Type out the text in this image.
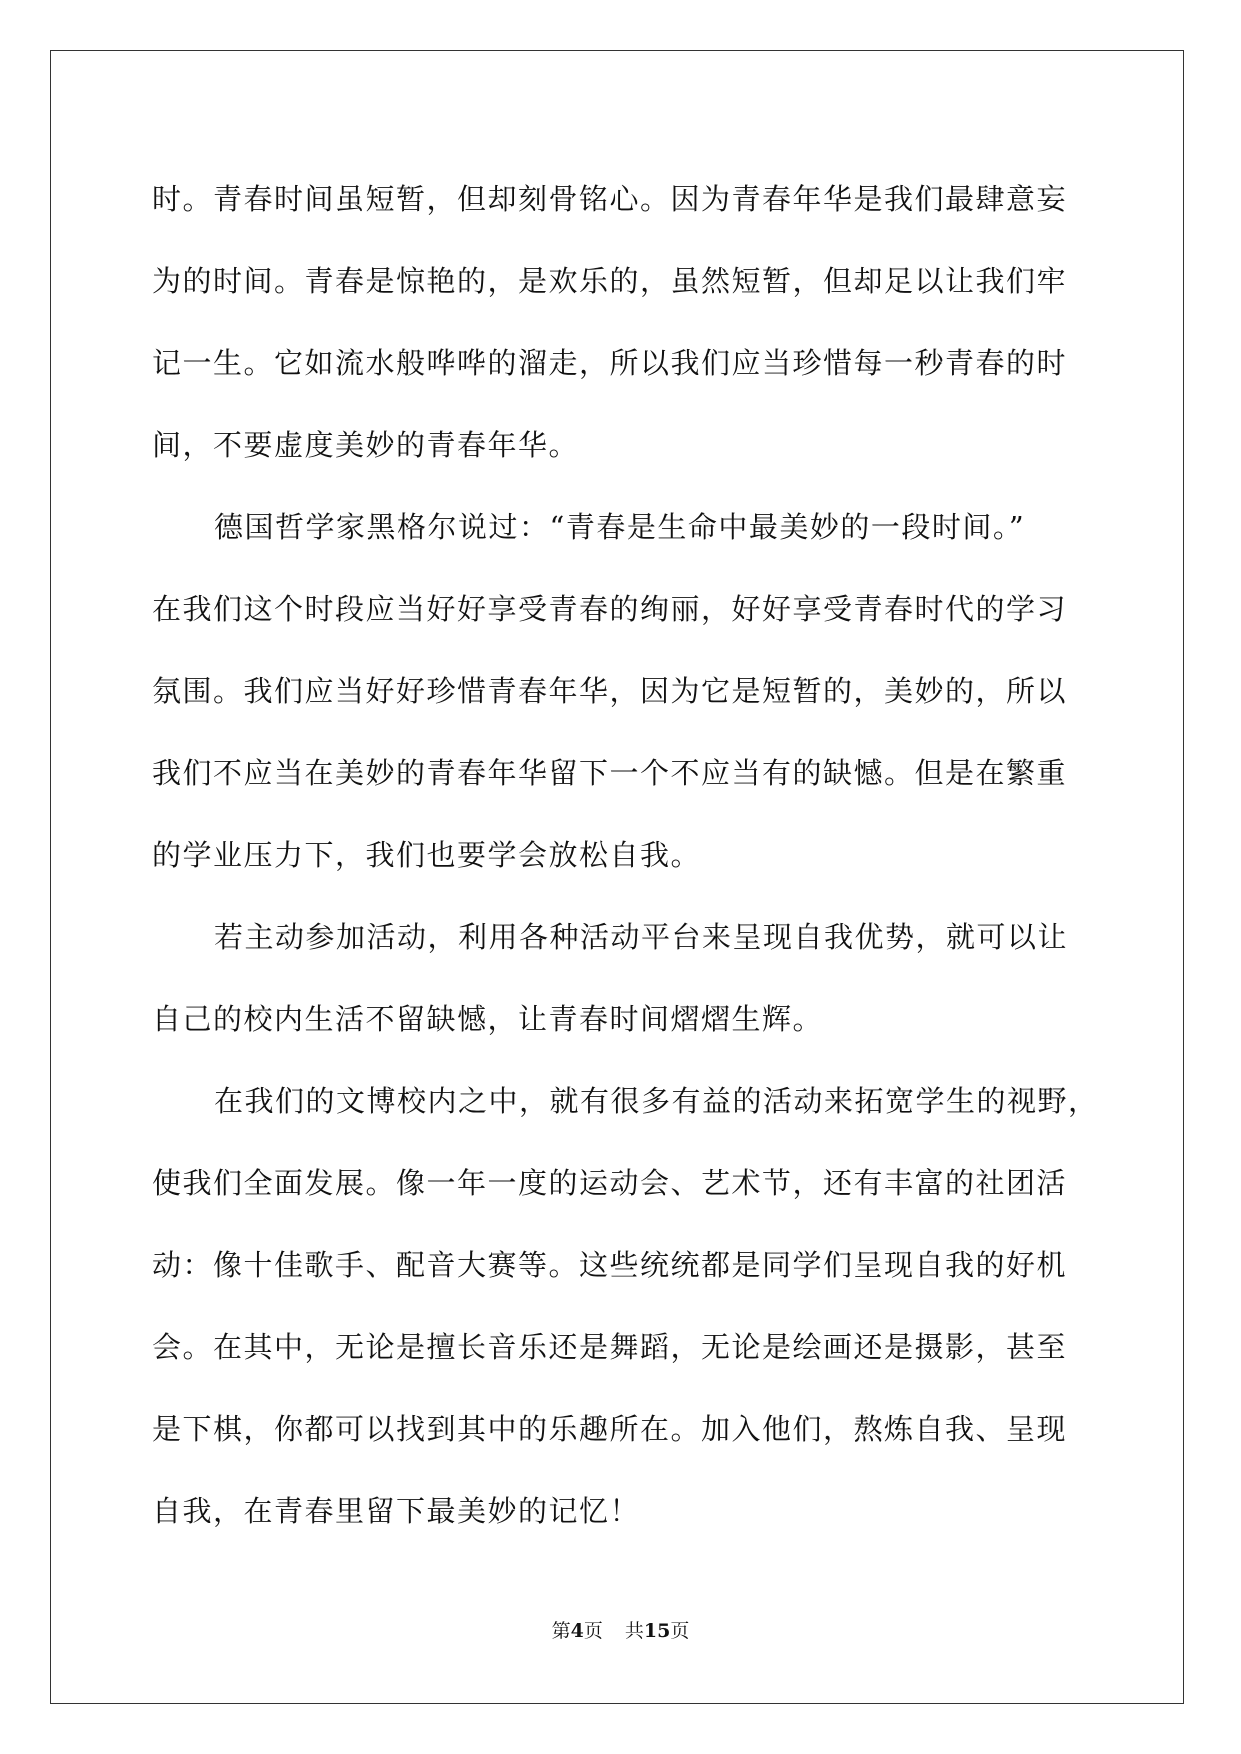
时。青春时间虽短暂，但却刻骨铭心。因为青春年华是我们最肆意妄
为的时间。青春是惊艳的，是欢乐的，虽然短暂，但却足以让我们牢
记一生。它如流水般哗哗的溜走，所以我们应当珍惜每一秒青春的时
间，不要虚度美妙的青春年华。
德国哲学家黑格尔说过：“青春是生命中最美妙的一段时间。”
在我们这个时段应当好好享受青春的绚丽，好好享受青春时代的学习
氛围。我们应当好好珍惜青春年华，因为它是短暂的，美妙的，所以
我们不应当在美妙的青春年华留下一个不应当有的缺憾。但是在繁重
的学业压力下，我们也要学会放松自我。
若主动参加活动，利用各种活动平台来呈现自我优势，就可以让
自己的校内生活不留缺憾，让青春时间熠熠生辉。
在我们的文博校内之中，就有很多有益的活动来拓宽学生的视野，
使我们全面发展。像一年一度的运动会、艺术节，还有丰富的社团活
动：像十佳歌手、配音大赛等。这些统统都是同学们呈现自我的好机
会。在其中，无论是擅长音乐还是舞蹈，无论是绘画还是摄影，甚至
是下棋，你都可以找到其中的乐趣所在。加入他们，熬炼自我、呈现
自我，在青春里留下最美妙的记忆！
第4页 共15页
